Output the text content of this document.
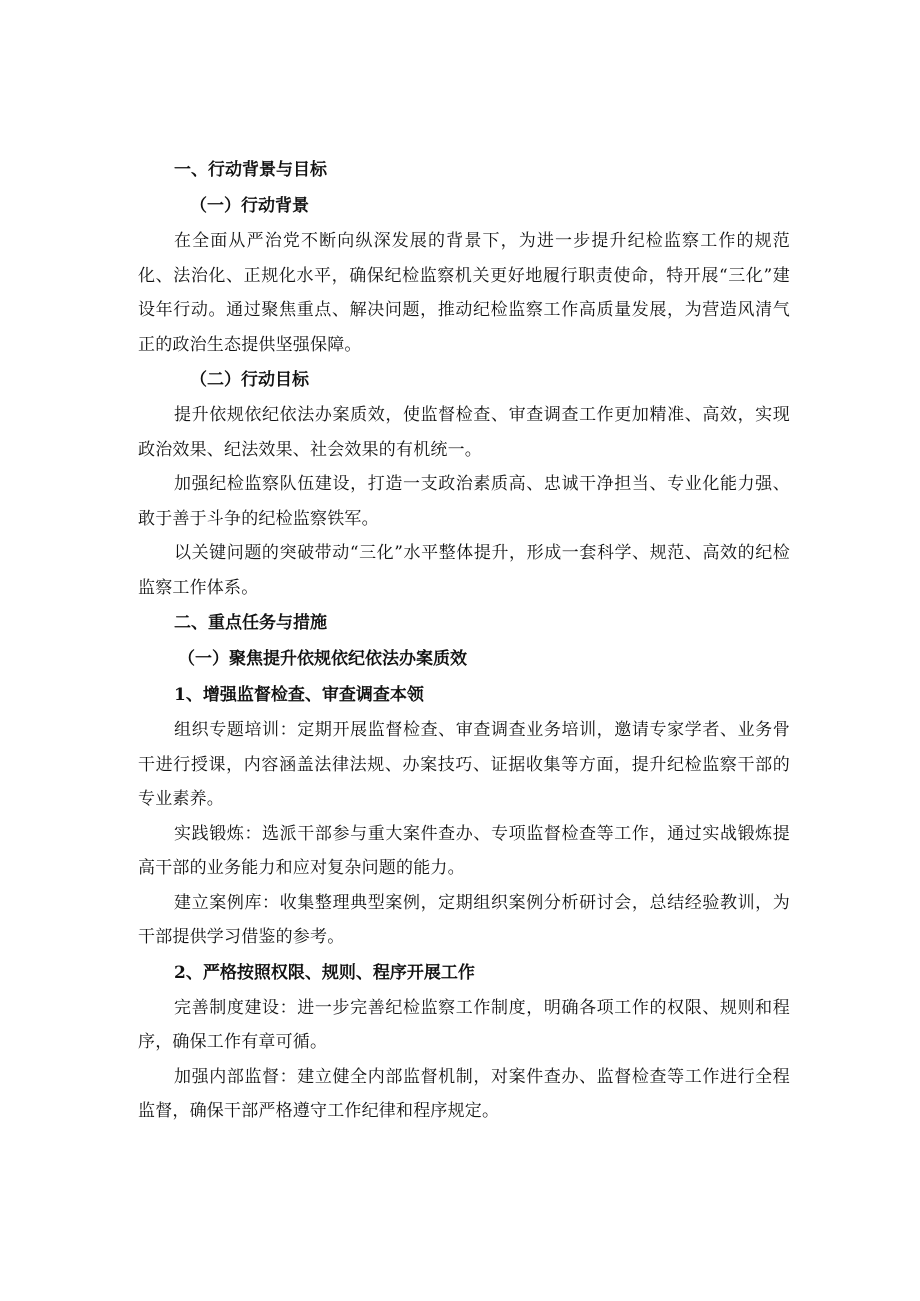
一、行动背景与目标

（一）行动背景

在全面从严治党不断向纵深发展的背景下，为进一步提升纪检监察工作的规范化、法治化、正规化水平，确保纪检监察机关更好地履行职责使命，特开展“三化”建设年行动。通过聚焦重点、解决问题，推动纪检监察工作高质量发展，为营造风清气正的政治生态提供坚强保障。

（二）行动目标

提升依规依纪依法办案质效，使监督检查、审查调查工作更加精准、高效，实现政治效果、纪法效果、社会效果的有机统一。

加强纪检监察队伍建设，打造一支政治素质高、忠诚干净担当、专业化能力强、敢于善于斗争的纪检监察铁军。

以关键问题的突破带动“三化”水平整体提升，形成一套科学、规范、高效的纪检监察工作体系。

二、重点任务与措施

（一）聚焦提升依规依纪依法办案质效

1、增强监督检查、审查调查本领

组织专题培训：定期开展监督检查、审查调查业务培训，邀请专家学者、业务骨干进行授课，内容涵盖法律法规、办案技巧、证据收集等方面，提升纪检监察干部的专业素养。

实践锻炼：选派干部参与重大案件查办、专项监督检查等工作，通过实战锻炼提高干部的业务能力和应对复杂问题的能力。

建立案例库：收集整理典型案例，定期组织案例分析研讨会，总结经验教训，为干部提供学习借鉴的参考。

2、严格按照权限、规则、程序开展工作

完善制度建设：进一步完善纪检监察工作制度，明确各项工作的权限、规则和程序，确保工作有章可循。

加强内部监督：建立健全内部监督机制，对案件查办、监督检查等工作进行全程监督，确保干部严格遵守工作纪律和程序规定。
